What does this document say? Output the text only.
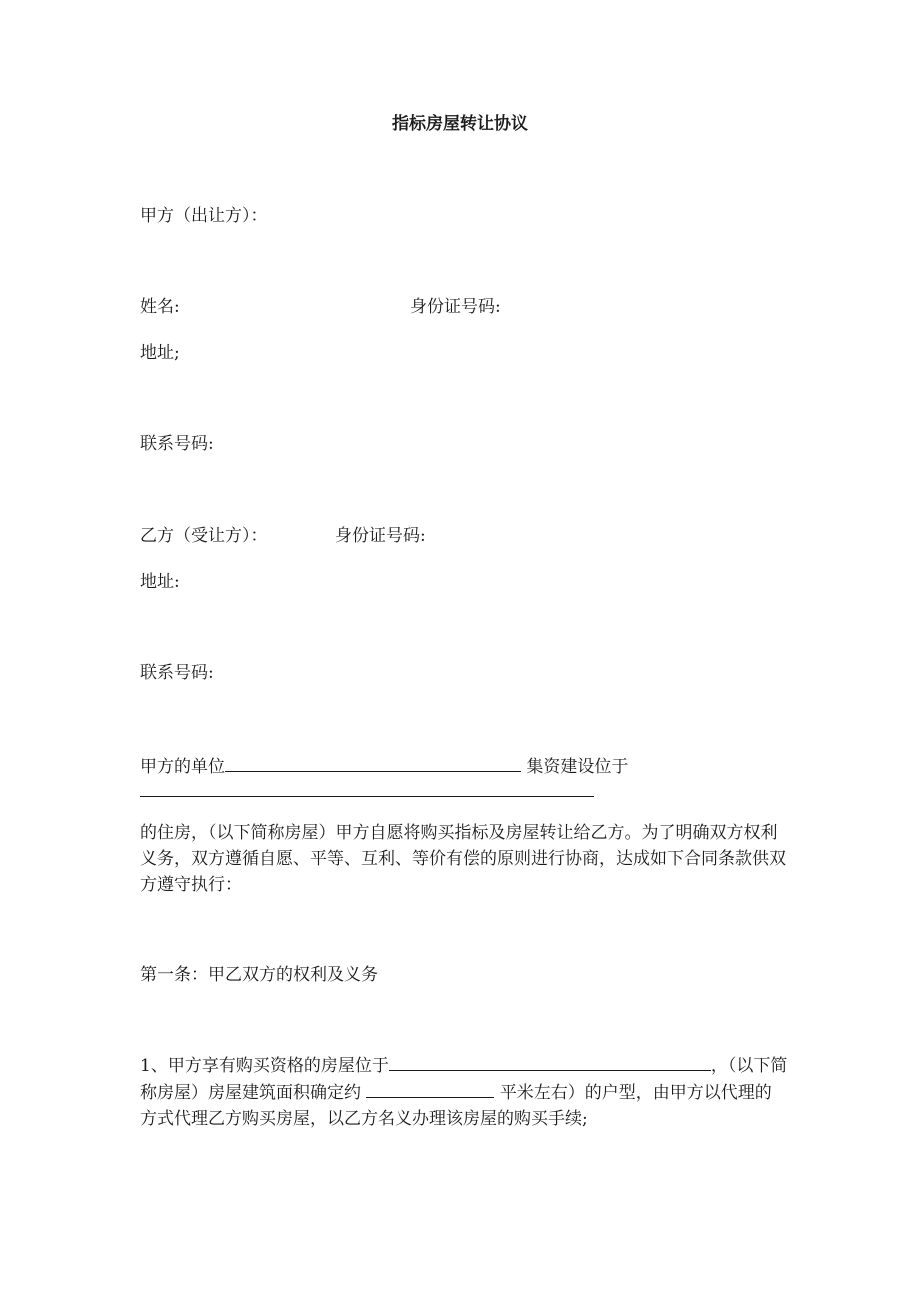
指标房屋转让协议
甲方（出让方）：
姓名:	身份证号码:
地址;
联系号码:
乙方（受让方）：	身份证号码:
地址:
联系号码:
甲方的单位	集资建设位于
的住房，（以下简称房屋）甲方自愿将购买指标及房屋转让给乙方。为了明确双方权利义务，双方遵循自愿、平等、互利、等价有偿的原则进行协商，达成如下合同条款供双方遵守执行：
第一条：甲乙双方的权利及义务
1、甲方享有购买资格的房屋位于	，（以下简称房屋）房屋建筑面积确定约	平米左右）的户型，由甲方以代理的方式代理乙方购买房屋，以乙方名义办理该房屋的购买手续;
